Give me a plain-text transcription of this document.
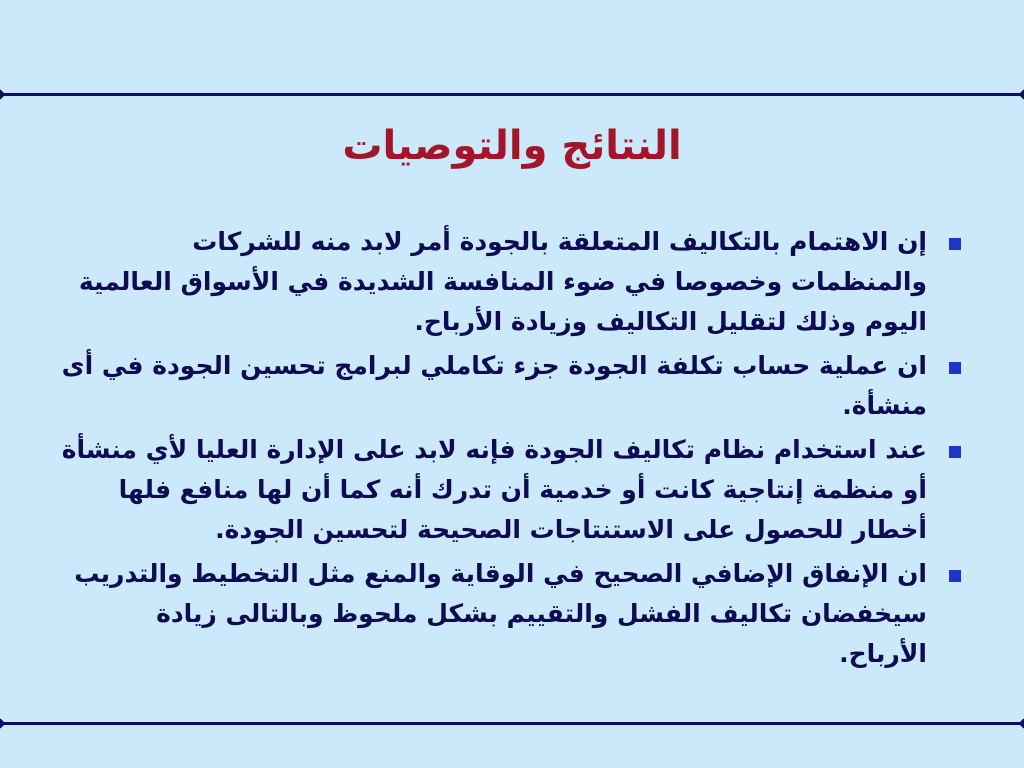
النتائج والتوصيات
إن الاهتمام بالتكاليف المتعلقة بالجودة أمر لابد منه للشركات والمنظمات وخصوصا في ضوء المنافسة الشديدة في الأسواق العالمية اليوم وذلك لتقليل التكاليف وزيادة الأرباح.
ان عملية حساب تكلفة الجودة جزء تكاملي لبرامج تحسين الجودة في أى منشأة.
عند استخدام نظام تكاليف الجودة فإنه لابد على الإدارة العليا لأي منشأة أو منظمة إنتاجية كانت أو خدمية أن تدرك أنه كما أن لها منافع فلها أخطار للحصول على الاستنتاجات الصحيحة لتحسين الجودة.
ان الإنفاق الإضافي الصحيح في الوقاية والمنع مثل التخطيط والتدريب سيخفضان تكاليف الفشل والتقييم بشكل ملحوظ وبالتالى زيادة الأرباح.
